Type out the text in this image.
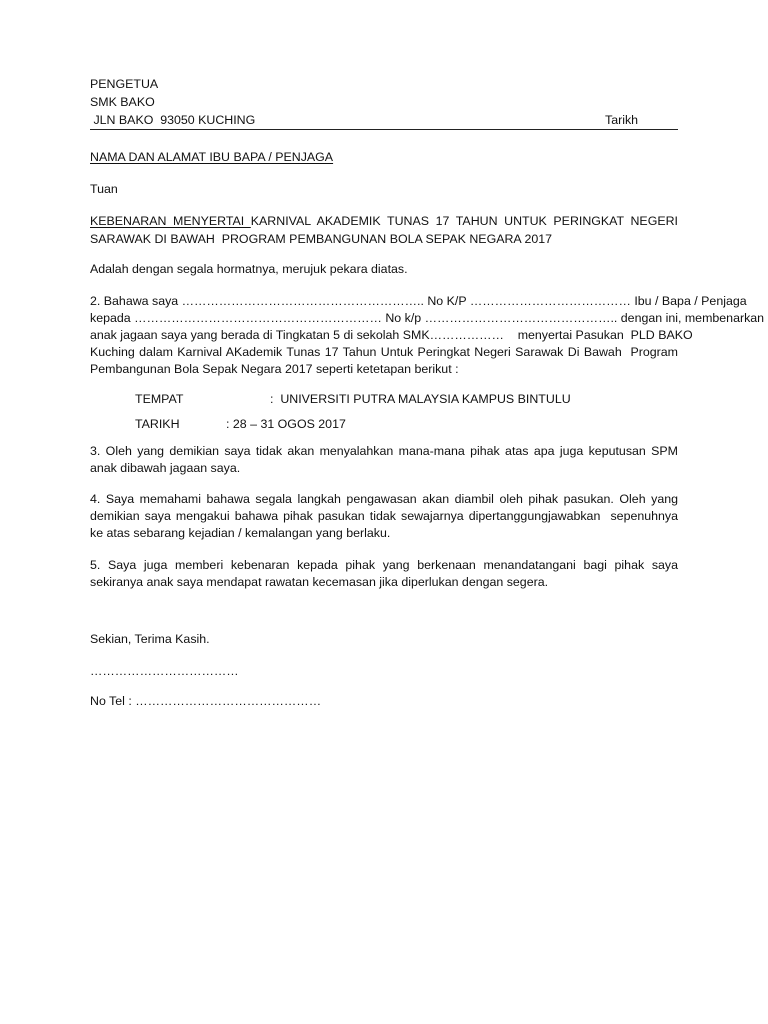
PENGETUA
SMK BAKO
JLN BAKO  93050 KUCHING	Tarikh
NAMA DAN ALAMAT IBU BAPA / PENJAGA
Tuan
KEBENARAN MENYERTAI KARNIVAL AKADEMIK TUNAS 17 TAHUN UNTUK PERINGKAT NEGERI
SARAWAK DI BAWAH  PROGRAM PEMBANGUNAN BOLA SEPAK NEGARA 2017
Adalah dengan segala hormatnya, merujuk pekara diatas.
2. Bahawa saya ………………………………………………….. No K/P ………………………………… Ibu / Bapa / Penjaga
kepada …………………………………………………… No k/p ……………………………………….. dengan ini, membenarkan
anak jagaan saya yang berada di Tingkatan 5 di sekolah SMK………………    menyertai Pasukan  PLD BAKO
Kuching dalam Karnival AKademik Tunas 17 Tahun Untuk Peringkat Negeri Sarawak Di Bawah  Program
Pembangunan Bola Sepak Negara 2017 seperti ketetapan berikut :
TEMPAT	:  UNIVERSITI PUTRA MALAYSIA KAMPUS BINTULU
TARIKH	: 28 – 31 OGOS 2017
3. Oleh yang demikian saya tidak akan menyalahkan mana-mana pihak atas apa juga keputusan SPM
anak dibawah jagaan saya.
4. Saya memahami bahawa segala langkah pengawasan akan diambil oleh pihak pasukan. Oleh yang
demikian saya mengakui bahawa pihak pasukan tidak sewajarnya dipertanggungjawabkan  sepenuhnya
ke atas sebarang kejadian / kemalangan yang berlaku.
5. Saya juga memberi kebenaran kepada pihak yang berkenaan menandatangani bagi pihak saya
sekiranya anak saya mendapat rawatan kecemasan jika diperlukan dengan segera.
Sekian, Terima Kasih.
………………………………
No Tel : ………………………………………
